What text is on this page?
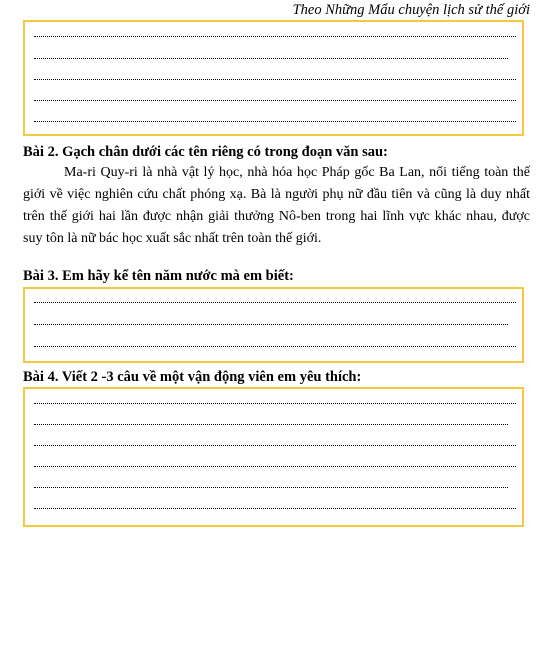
Theo Những Mẩu chuyện lịch sử thế giới
Bài 2. Gạch chân dưới các tên riêng có trong đoạn văn sau:
Ma-ri Quy-ri là nhà vật lý học, nhà hóa học Pháp gốc Ba Lan, nổi tiếng toàn thế giới về việc nghiên cứu chất phóng xạ. Bà là người phụ nữ đầu tiên và cũng là duy nhất trên thế giới hai lần được nhận giải thưởng Nô-ben trong hai lĩnh vực khác nhau, được suy tôn là nữ bác học xuất sắc nhất trên toàn thế giới.
Bài 3. Em hãy kể tên năm nước mà em biết:
Bài 4. Viết 2 -3 câu về một vận động viên em yêu thích:
